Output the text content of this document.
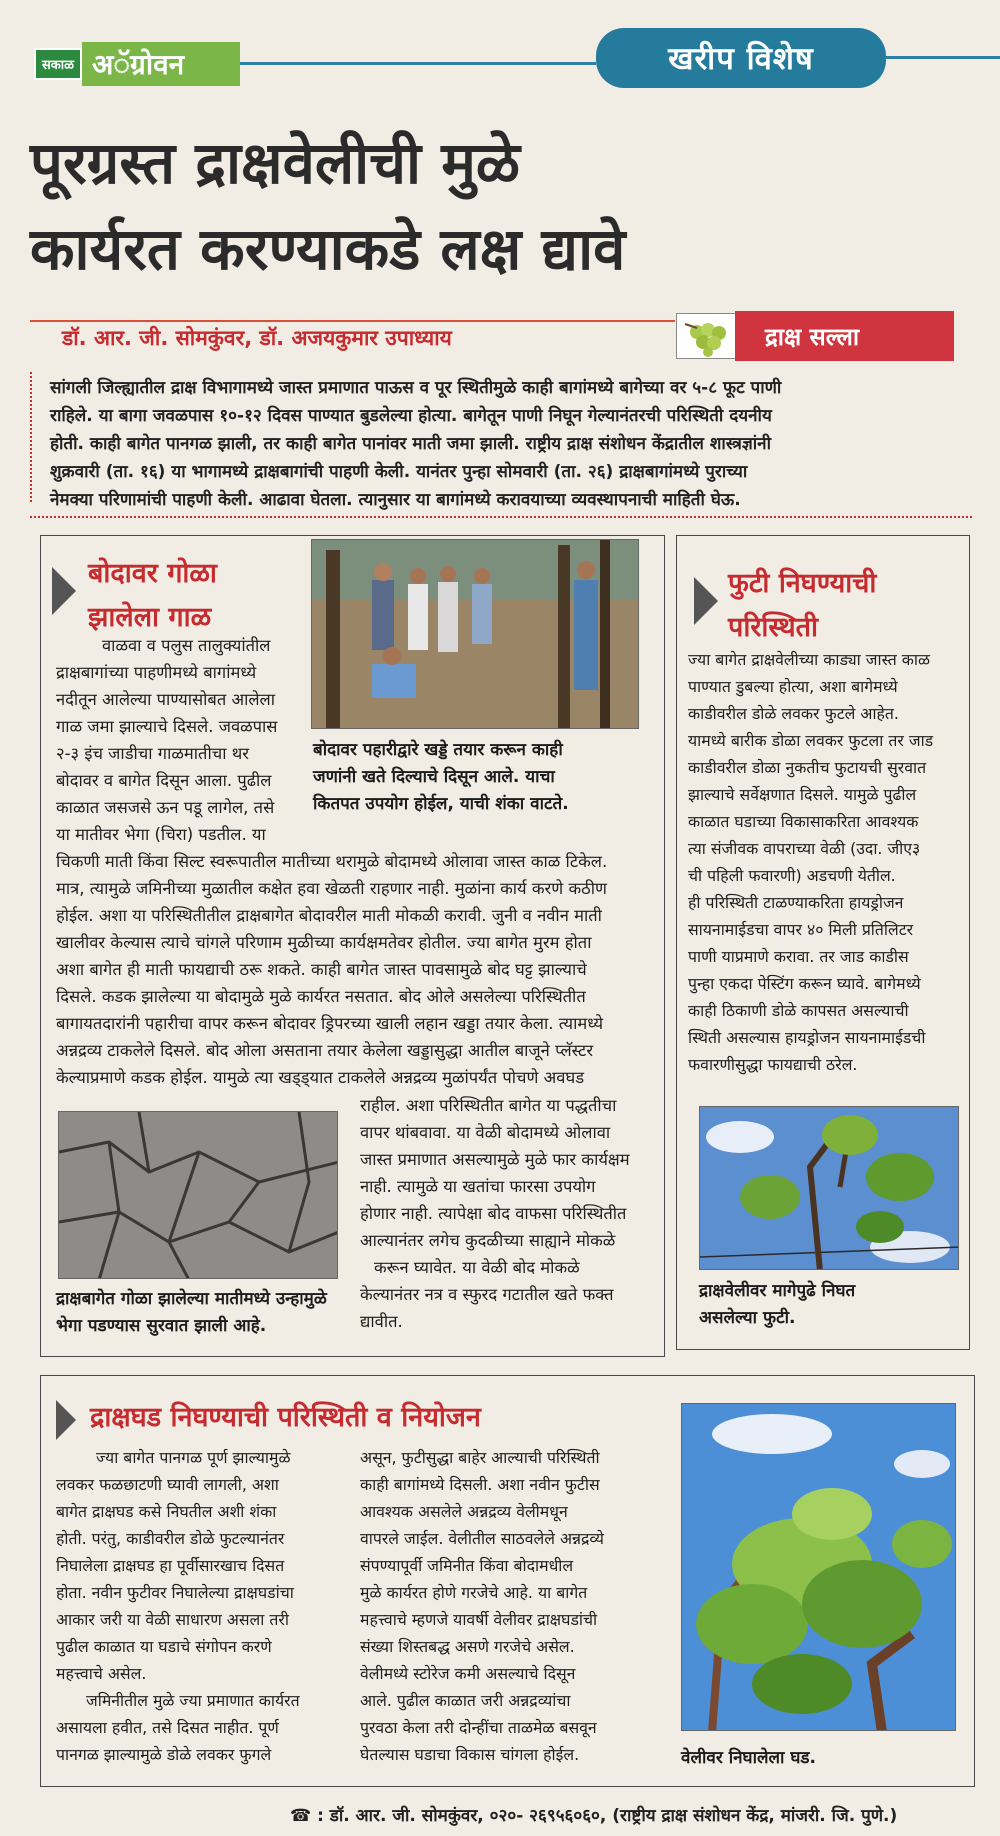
सकाळ अॅग्रोवन	खरीप विशेष
पूरग्रस्त द्राक्षवेलीची मुळे
कार्यरत करण्याकडे लक्ष द्यावे
डॉ. आर. जी. सोमकुंवर, डॉ. अजयकुमार उपाध्याय	द्राक्ष सल्ला
सांगली जिल्ह्यातील द्राक्ष विभागामध्ये जास्त प्रमाणात पाऊस व पूर स्थितीमुळे काही बागांमध्ये बागेच्या वर ५-८ फूट पाणी
राहिले. या बागा जवळपास १०-१२ दिवस पाण्यात बुडलेल्या होत्या. बागेतून पाणी निघून गेल्यानंतरची परिस्थिती दयनीय
होती. काही बागेत पानगळ झाली, तर काही बागेत पानांवर माती जमा झाली. राष्ट्रीय द्राक्ष संशोधन केंद्रातील शास्त्रज्ञांनी
शुक्रवारी (ता. १६) या भागामध्ये द्राक्षबागांची पाहणी केली. यानंतर पुन्हा सोमवारी (ता. २६) द्राक्षबागांमध्ये पुराच्या
नेमक्या परिणामांची पाहणी केली. आढावा घेतला. त्यानुसार या बागांमध्ये करावयाच्या व्यवस्थापनाची माहिती घेऊ.
बोदावर गोळा
झालेला गाळ
बोदावर पहारीद्वारे खड्डे तयार करून काही
जणांनी खते दिल्याचे दिसून आले. याचा
कितपत उपयोग होईल, याची शंका वाटते.
वाळवा व पलुस तालुक्यांतील
द्राक्षबागांच्या पाहणीमध्ये बागांमध्ये
नदीतून आलेल्या पाण्यासोबत आलेला
गाळ जमा झाल्याचे दिसले. जवळपास
२-३ इंच जाडीचा गाळमातीचा थर
बोदावर व बागेत दिसून आला. पुढील
काळात जसजसे ऊन पडू लागेल, तसे
या मातीवर भेगा (चिरा) पडतील. या
चिकणी माती किंवा सिल्ट स्वरूपातील मातीच्या थरामुळे बोदामध्ये ओलावा जास्त काळ टिकेल.
मात्र, त्यामुळे जमिनीच्या मुळातील कक्षेत हवा खेळती राहणार नाही. मुळांना कार्य करणे कठीण
होईल. अशा या परिस्थितीतील द्राक्षबागेत बोदावरील माती मोकळी करावी. जुनी व नवीन माती
खालीवर केल्यास त्याचे चांगले परिणाम मुळीच्या कार्यक्षमतेवर होतील. ज्या बागेत मुरम होता
अशा बागेत ही माती फायद्याची ठरू शकते. काही बागेत जास्त पावसामुळे बोद घट्ट झाल्याचे
दिसले. कडक झालेल्या या बोदामुळे मुळे कार्यरत नसतात. बोद ओले असलेल्या परिस्थितीत
बागायतदारांनी पहारीचा वापर करून बोदावर ड्रिपरच्या खाली लहान खड्डा तयार केला. त्यामध्ये
अन्नद्रव्य टाकलेले दिसले. बोद ओला असताना तयार केलेला खड्डासुद्धा आतील बाजूने प्लॅस्टर
केल्याप्रमाणे कडक होईल. यामुळे त्या खड्ड्यात टाकलेले अन्नद्रव्य मुळांपर्यंत पोचणे अवघड
द्राक्षबागेत गोळा झालेल्या मातीमध्ये उन्हामुळे
भेगा पडण्यास सुरवात झाली आहे.
राहील. अशा परिस्थितीत बागेत या पद्धतीचा
वापर थांबवावा. या वेळी बोदामध्ये ओलावा
जास्त प्रमाणात असल्यामुळे मुळे फार कार्यक्षम
नाही. त्यामुळे या खतांचा फारसा उपयोग
होणार नाही. त्यापेक्षा बोद वाफसा परिस्थितीत
आल्यानंतर लगेच कुदळीच्या साह्याने मोकळे
करून घ्यावेत. या वेळी बोद मोकळे
केल्यानंतर नत्र व स्फुरद गटातील खते फक्त
द्यावीत.
फुटी निघण्याची
परिस्थिती
ज्या बागेत द्राक्षवेलीच्या काड्या जास्त काळ
पाण्यात डुबल्या होत्या, अशा बागेमध्ये
काडीवरील डोळे लवकर फुटले आहेत.
यामध्ये बारीक डोळा लवकर फुटला तर जाड
काडीवरील डोळा नुकतीच फुटायची सुरवात
झाल्याचे सर्वेक्षणात दिसले. यामुळे पुढील
काळात घडाच्या विकासाकरिता आवश्यक
त्या संजीवक वापराच्या वेळी (उदा. जीए३
ची पहिली फवारणी) अडचणी येतील.
ही परिस्थिती टाळण्याकरिता हायड्रोजन
सायनामाईडचा वापर ४० मिली प्रतिलिटर
पाणी याप्रमाणे करावा. तर जाड काडीस
पुन्हा एकदा पेस्टिंग करून घ्यावे. बागेमध्ये
काही ठिकाणी डोळे कापसत असल्याची
स्थिती असल्यास हायड्रोजन सायनामाईडची
फवारणीसुद्धा फायद्याची ठरेल.
द्राक्षवेलीवर मागेपुढे निघत
असलेल्या फुटी.
द्राक्षघड निघण्याची परिस्थिती व नियोजन
ज्या बागेत पानगळ पूर्ण झाल्यामुळे
लवकर फळछाटणी घ्यावी लागली, अशा
बागेत द्राक्षघड कसे निघतील अशी शंका
होती. परंतु, काडीवरील डोळे फुटल्यानंतर
निघालेला द्राक्षघड हा पूर्वीसारखाच दिसत
होता. नवीन फुटीवर निघालेल्या द्राक्षघडांचा
आकार जरी या वेळी साधारण असला तरी
पुढील काळात या घडाचे संगोपन करणे
महत्त्वाचे असेल.
जमिनीतील मुळे ज्या प्रमाणात कार्यरत
असायला हवीत, तसे दिसत नाहीत. पूर्ण
पानगळ झाल्यामुळे डोळे लवकर फुगले
असून, फुटीसुद्धा बाहेर आल्याची परिस्थिती
काही बागांमध्ये दिसली. अशा नवीन फुटीस
आवश्यक असलेले अन्नद्रव्य वेलीमधून
वापरले जाईल. वेलीतील साठवलेले अन्नद्रव्ये
संपण्यापूर्वी जमिनीत किंवा बोदामधील
मुळे कार्यरत होणे गरजेचे आहे. या बागेत
महत्त्वाचे म्हणजे यावर्षी वेलीवर द्राक्षघडांची
संख्या शिस्तबद्ध असणे गरजेचे असेल.
वेलीमध्ये स्टोरेज कमी असल्याचे दिसून
आले. पुढील काळात जरी अन्नद्रव्यांचा
पुरवठा केला तरी दोन्हींचा ताळमेळ बसवून
घेतल्यास घडाचा विकास चांगला होईल.	वेलीवर निघालेला घड.
☎ : डॉ. आर. जी. सोमकुंवर, ०२०- २६९५६०६०, (राष्ट्रीय द्राक्ष संशोधन केंद्र, मांजरी. जि. पुणे.)
